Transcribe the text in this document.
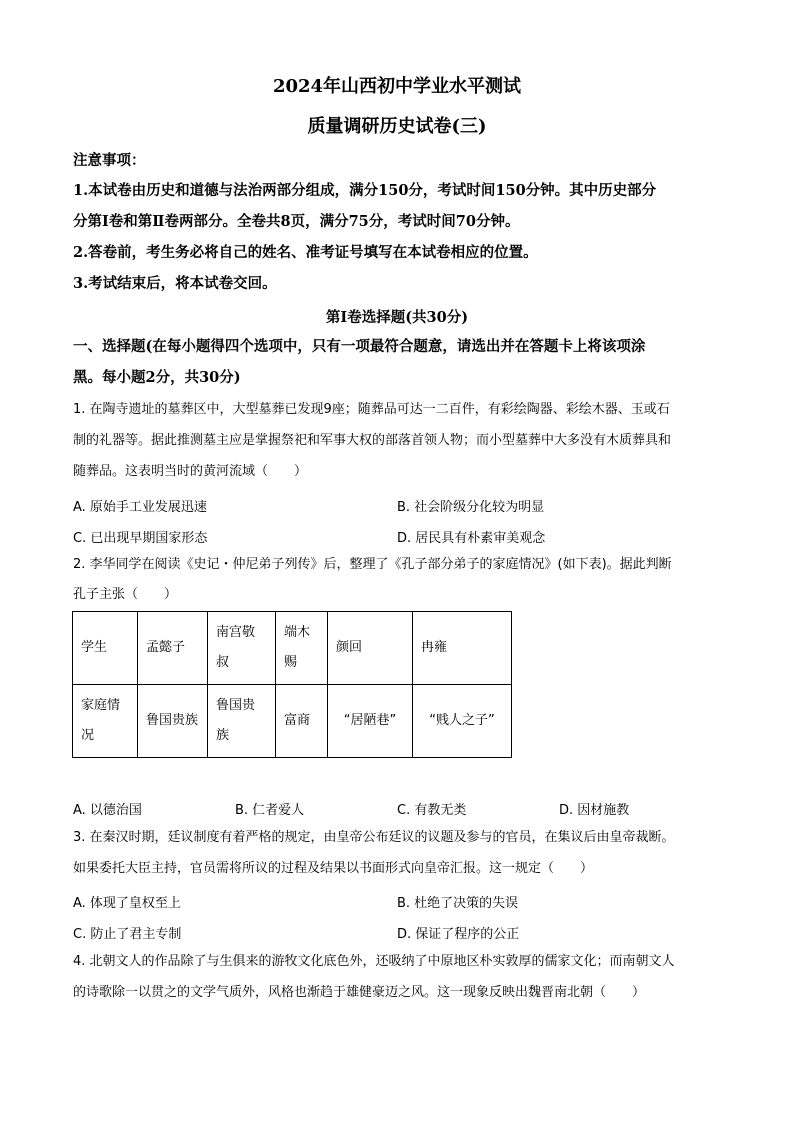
2024年山西初中学业水平测试
质量调研历史试卷(三)
注意事项：
1.本试卷由历史和道德与法治两部分组成，满分150分，考试时间150分钟。其中历史部分
分第Ⅰ卷和第Ⅱ卷两部分。全卷共8页，满分75分，考试时间70分钟。
2.答卷前，考生务必将自己的姓名、准考证号填写在本试卷相应的位置。
3.考试结束后，将本试卷交回。
第Ⅰ卷选择题(共30分)
一、选择题(在每小题得四个选项中，只有一项最符合题意，请选出并在答题卡上将该项涂
黑。每小题2分，共30分)
1. 在陶寺遗址的墓葬区中，大型墓葬已发现9座；随葬品可达一二百件，有彩绘陶器、彩绘木器、玉或石
制的礼器等。据此推测墓主应是掌握祭祀和军事大权的部落首领人物；而小型墓葬中大多没有木质葬具和
随葬品。这表明当时的黄河流域（　　）
A. 原始手工业发展迅速	B. 社会阶级分化较为明显
C. 已出现早期国家形态	D. 居民具有朴素审美观念
2. 李华同学在阅读《史记・仲尼弟子列传》后，整理了《孔子部分弟子的家庭情况》(如下表)。据此判断
孔子主张（　　）
学生	孟懿子	南宫敬叔	端木赐	颜回	冉雍
家庭情况	鲁国贵族	鲁国贵族	富商	“居陋巷”	“贱人之子”
A. 以德治国	B. 仁者爱人	C. 有教无类	D. 因材施教
3. 在秦汉时期，廷议制度有着严格的规定，由皇帝公布廷议的议题及参与的官员，在集议后由皇帝裁断。
如果委托大臣主持，官员需将所议的过程及结果以书面形式向皇帝汇报。这一规定（　　）
A. 体现了皇权至上	B. 杜绝了决策的失误
C. 防止了君主专制	D. 保证了程序的公正
4. 北朝文人的作品除了与生俱来的游牧文化底色外，还吸纳了中原地区朴实敦厚的儒家文化；而南朝文人
的诗歌除一以贯之的文学气质外，风格也渐趋于雄健豪迈之风。这一现象反映出魏晋南北朝（　　）
